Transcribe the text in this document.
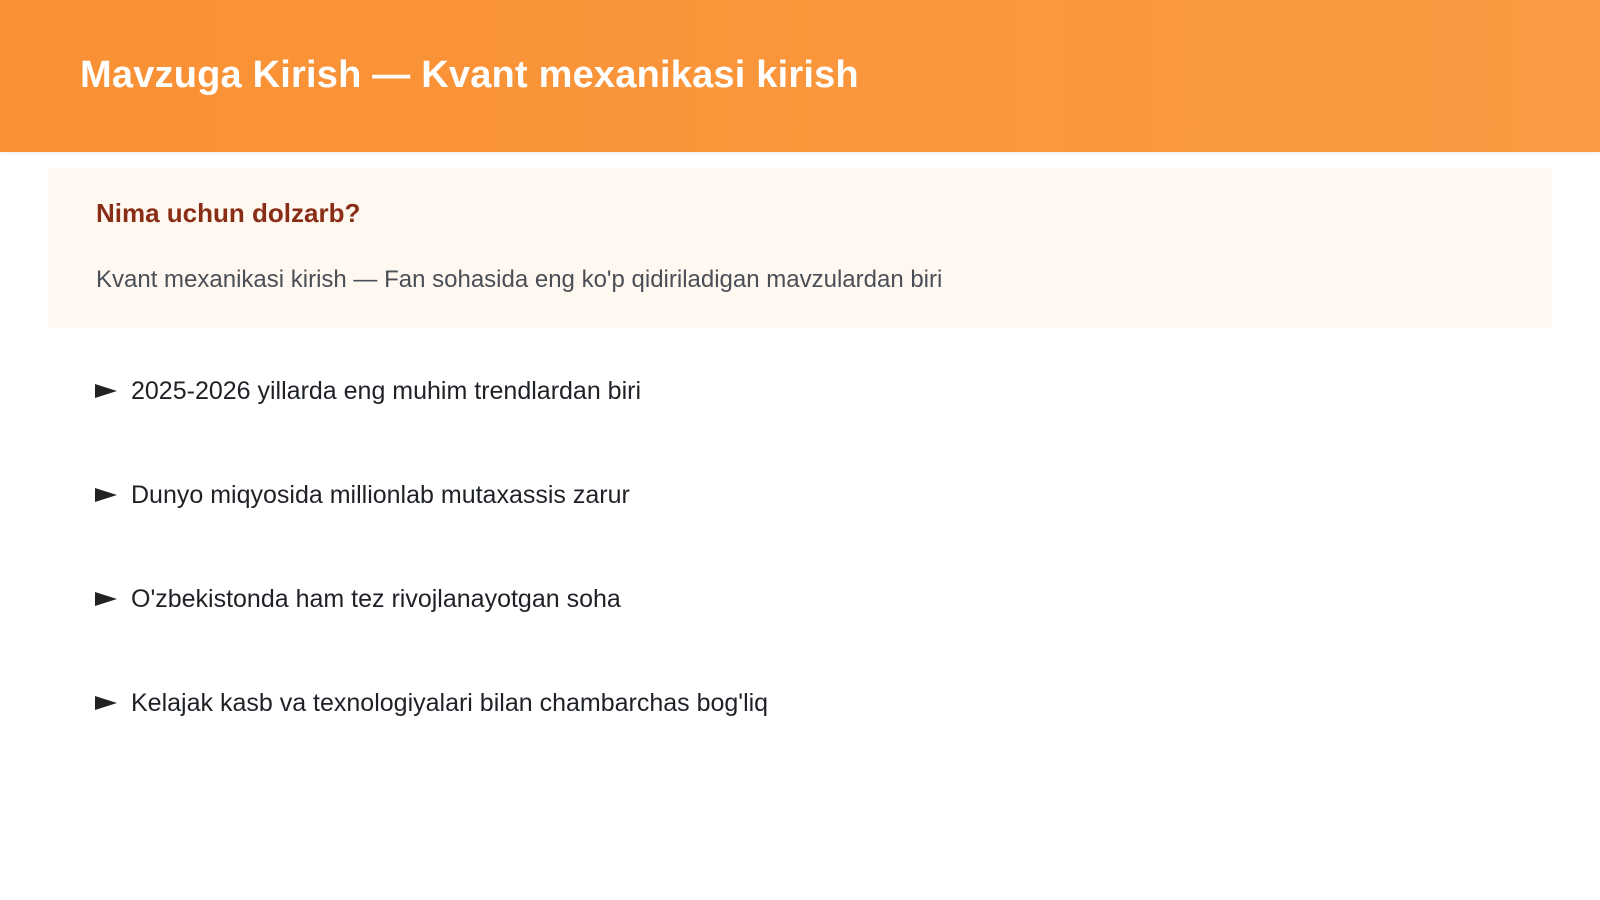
Mavzuga Kirish — Kvant mexanikasi kirish
Nima uchun dolzarb?
Kvant mexanikasi kirish — Fan sohasida eng ko'p qidiriladigan mavzulardan biri
2025-2026 yillarda eng muhim trendlardan biri
Dunyo miqyosida millionlab mutaxassis zarur
O'zbekistonda ham tez rivojlanayotgan soha
Kelajak kasb va texnologiyalari bilan chambarchas bog'liq
